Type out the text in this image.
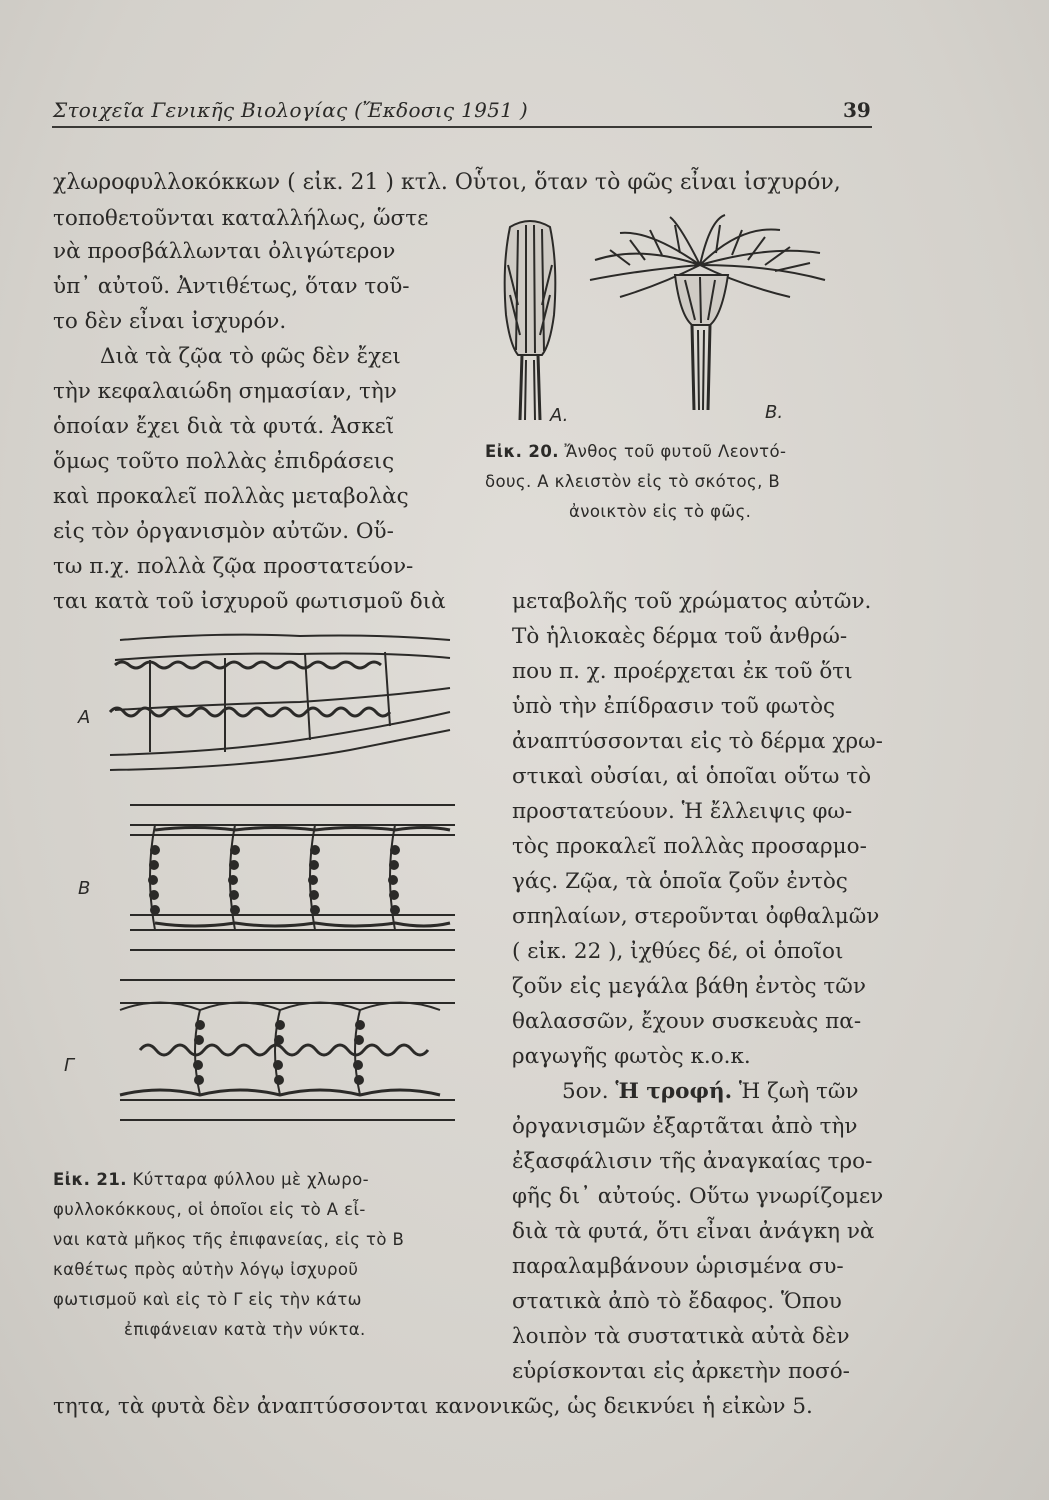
Στοιχεῖα Γενικῆς Βιολογίας (Ἔκδοσις 1951 )	39
χλωροφυλλοκόκκων ( εἰκ. 21 ) κτλ. Οὗτοι, ὅταν τὸ φῶς εἶναι ἰσχυρόν,
τοποθετοῦνται καταλλήλως, ὥστε
νὰ προσβάλλωνται ὀλιγώτερον
ὑπ᾽ αὐτοῦ. Ἀντιθέτως, ὅταν τοῦ-
το δὲν εἶναι ἰσχυρόν.
Διὰ τὰ ζῷα τὸ φῶς δὲν ἔχει
τὴν κεφαλαιώδη σημασίαν, τὴν
ὁποίαν ἔχει διὰ τὰ φυτά. Ἀσκεῖ
ὅμως τοῦτο πολλὰς ἐπιδράσεις
καὶ προκαλεῖ πολλὰς μεταβολὰς
εἰς τὸν ὀργανισμὸν αὐτῶν. Οὕ-
τω π.χ. πολλὰ ζῷα προστατεύον-
ται κατὰ τοῦ ἰσχυροῦ φωτισμοῦ διὰ
A.	B.
Εἰκ. 20. Ἄνθος τοῦ φυτοῦ Λεοντό-
δους. Α κλειστὸν εἰς τὸ σκότος, Β
ἀνοικτὸν εἰς τὸ φῶς.
μεταβολῆς τοῦ χρώματος αὐτῶν.
Τὸ ἡλιοκαὲς δέρμα τοῦ ἀνθρώ-
που π. χ. προέρχεται ἐκ τοῦ ὅτι
ὑπὸ τὴν ἐπίδρασιν τοῦ φωτὸς
ἀναπτύσσονται εἰς τὸ δέρμα χρω-
στικαὶ οὐσίαι, αἱ ὁποῖαι οὕτω τὸ
προστατεύουν. Ἡ ἔλλειψις φω-
τὸς προκαλεῖ πολλὰς προσαρμο-
γάς. Ζῷα, τὰ ὁποῖα ζοῦν ἐντὸς
σπηλαίων, στεροῦνται ὀφθαλμῶν
( εἰκ. 22 ), ἰχθύες δέ, οἱ ὁποῖοι
ζοῦν εἰς μεγάλα βάθη ἐντὸς τῶν
θαλασσῶν, ἔχουν συσκευὰς πα-
ραγωγῆς φωτὸς κ.ο.κ.
5ον. Ἡ τροφή. Ἡ ζωὴ τῶν
ὀργανισμῶν ἐξαρτᾶται ἀπὸ τὴν
ἐξασφάλισιν τῆς ἀναγκαίας τρο-
φῆς δι᾽ αὐτούς. Οὕτω γνωρίζομεν
διὰ τὰ φυτά, ὅτι εἶναι ἀνάγκη νὰ
παραλαμβάνουν ὡρισμένα συ-
στατικὰ ἀπὸ τὸ ἔδαφος. Ὅπου
λοιπὸν τὰ συστατικὰ αὐτὰ δὲν
εὑρίσκονται εἰς ἀρκετὴν ποσό-
τητα, τὰ φυτὰ δὲν ἀναπτύσσονται κανονικῶς, ὡς δεικνύει ἡ εἰκὼν 5.
A
B
Γ
Εἰκ. 21. Κύτταρα φύλλου μὲ χλωρο-
φυλλοκόκκους, οἱ ὁποῖοι εἰς τὸ Α εἶ-
ναι κατὰ μῆκος τῆς ἐπιφανείας, εἰς τὸ Β
καθέτως πρὸς αὐτὴν λόγῳ ἰσχυροῦ
φωτισμοῦ καὶ εἰς τὸ Γ εἰς τὴν κάτω
ἐπιφάνειαν κατὰ τὴν νύκτα.
